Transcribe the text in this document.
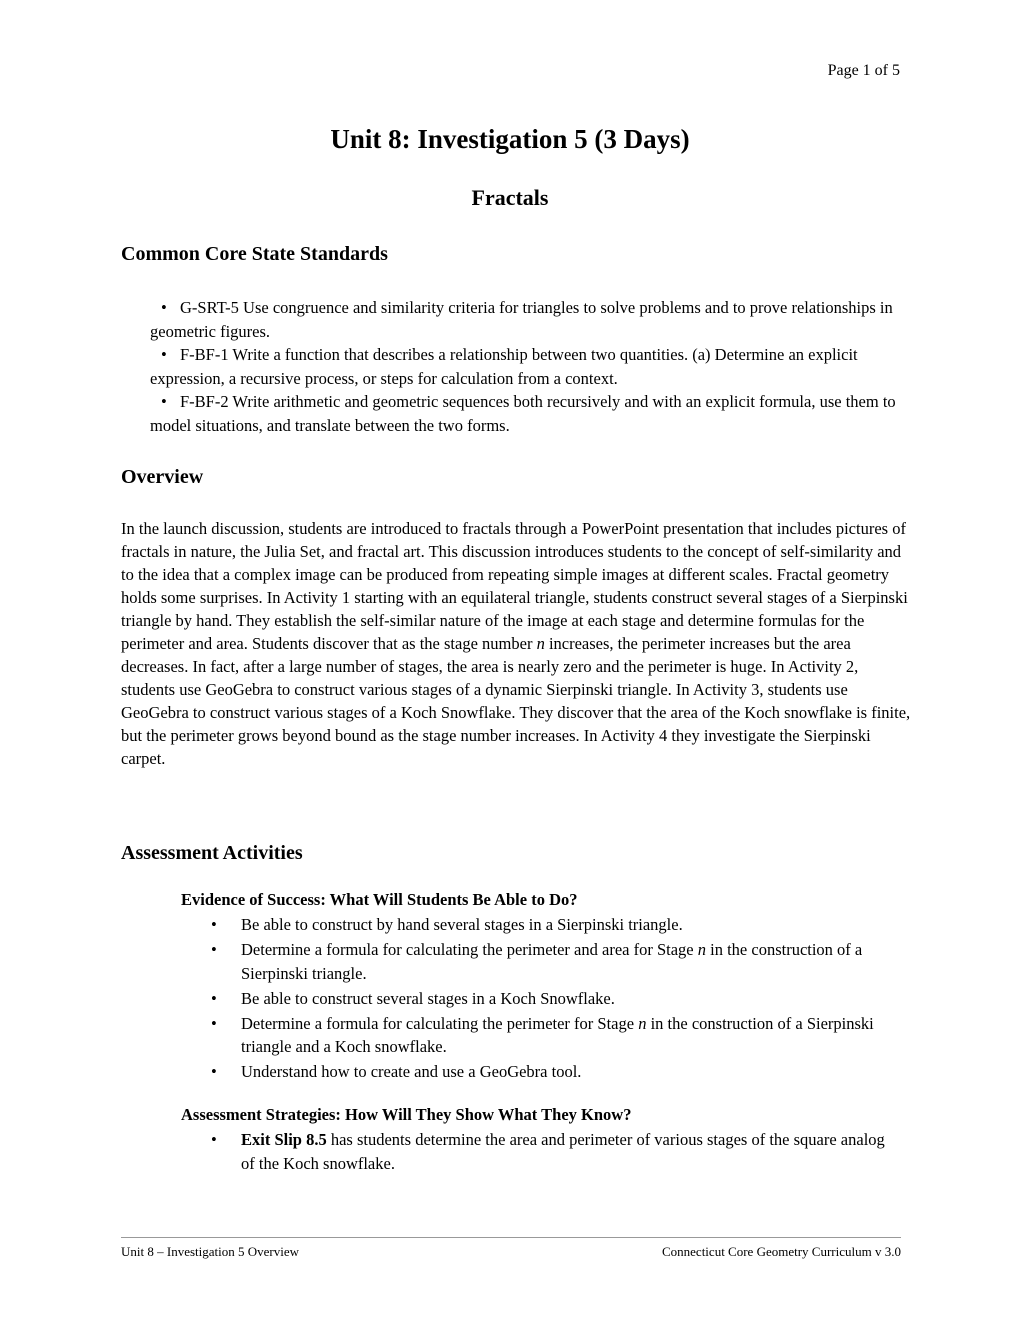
Page 1 of 5
Unit 8: Investigation 5 (3 Days)
Fractals
Common Core State Standards
• G-SRT-5 Use congruence and similarity criteria for triangles to solve problems and to prove relationships in geometric figures.
• F-BF-1 Write a function that describes a relationship between two quantities. (a) Determine an explicit expression, a recursive process, or steps for calculation from a context.
• F-BF-2 Write arithmetic and geometric sequences both recursively and with an explicit formula, use them to model situations, and translate between the two forms.
Overview
In the launch discussion, students are introduced to fractals through a PowerPoint presentation that includes pictures of fractals in nature, the Julia Set, and fractal art. This discussion introduces students to the concept of self-similarity and to the idea that a complex image can be produced from repeating simple images at different scales. Fractal geometry holds some surprises. In Activity 1 starting with an equilateral triangle, students construct several stages of a Sierpinski triangle by hand. They establish the self-similar nature of the image at each stage and determine formulas for the perimeter and area. Students discover that as the stage number n increases, the perimeter increases but the area decreases. In fact, after a large number of stages, the area is nearly zero and the perimeter is huge. In Activity 2, students use GeoGebra to construct various stages of a dynamic Sierpinski triangle. In Activity 3, students use GeoGebra to construct various stages of a Koch Snowflake. They discover that the area of the Koch snowflake is finite, but the perimeter grows beyond bound as the stage number increases. In Activity 4 they investigate the Sierpinski carpet.
Assessment Activities
Evidence of Success: What Will Students Be Able to Do?
• Be able to construct by hand several stages in a Sierpinski triangle.
• Determine a formula for calculating the perimeter and area for Stage n in the construction of a Sierpinski triangle.
• Be able to construct several stages in a Koch Snowflake.
• Determine a formula for calculating the perimeter for Stage n in the construction of a Sierpinski triangle and a Koch snowflake.
• Understand how to create and use a GeoGebra tool.
Assessment Strategies: How Will They Show What They Know?
• Exit Slip 8.5 has students determine the area and perimeter of various stages of the square analog of the Koch snowflake.
Unit 8 – Investigation 5 Overview	Connecticut Core Geometry Curriculum v 3.0
